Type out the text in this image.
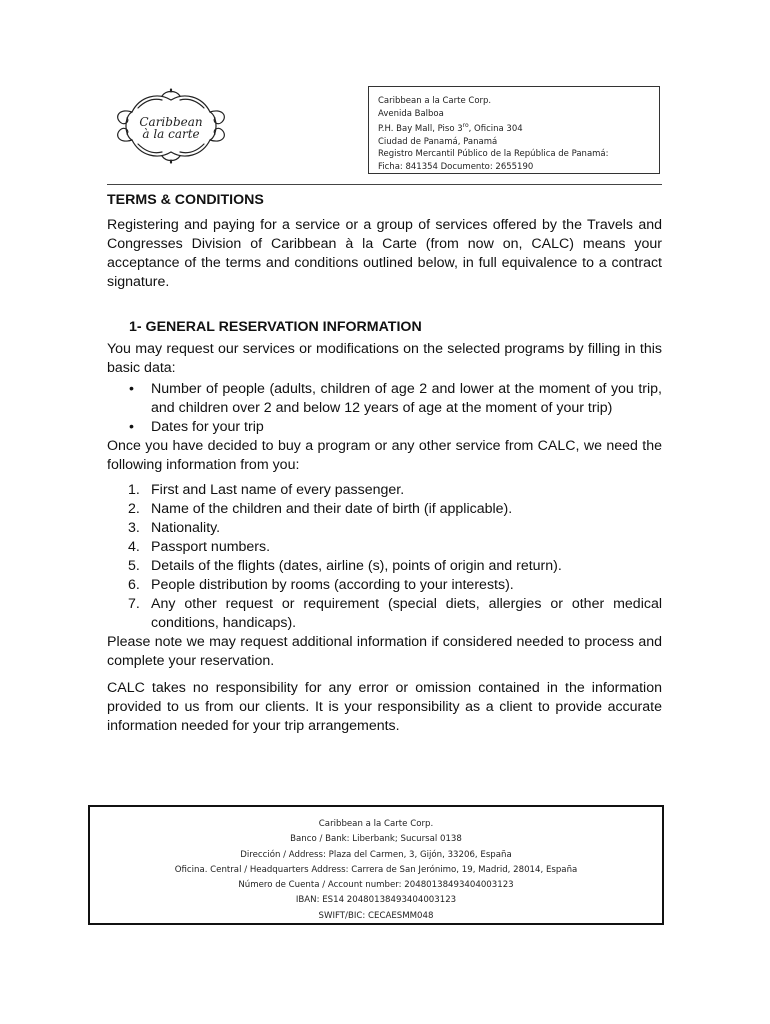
Caribbean
à la carte
Caribbean a la Carte Corp.
Avenida Balboa
P.H. Bay Mall, Piso $3^{ro}$, Oficina 304
Ciudad de Panamá, Panamá
Registro Mercantil Público de la República de Panamá:
Ficha: 841354 Documento: 2655190
TERMS & CONDITIONS

Registering and paying for a service or a group of services offered by the Travels and Congresses Division of Caribbean à la Carte (from now on, CALC) means your acceptance of the terms and conditions outlined below, in full equivalence to a contract signature.

1- GENERAL RESERVATION INFORMATION

You may request our services or modifications on the selected programs by filling in this basic data:

• Number of people (adults, children of age 2 and lower at the moment of you trip, and children over 2 and below 12 years of age at the moment of your trip)
• Dates for your trip

Once you have decided to buy a program or any other service from CALC, we need the following information from you:

1. First and Last name of every passenger.
2. Name of the children and their date of birth (if applicable).
3. Nationality.
4. Passport numbers.
5. Details of the flights (dates, airline (s), points of origin and return).
6. People distribution by rooms (according to your interests).
7. Any other request or requirement (special diets, allergies or other medical conditions, handicaps).

Please note we may request additional information if considered needed to process and complete your reservation.

CALC takes no responsibility for any error or omission contained in the information provided to us from our clients. It is your responsibility as a client to provide accurate information needed for your trip arrangements.

Caribbean a la Carte Corp.
Banco / Bank: Liberbank; Sucursal 0138
Dirección / Address: Plaza del Carmen, 3, Gijón, 33206, España
Oficina. Central / Headquarters Address: Carrera de San Jerónimo, 19, Madrid, 28014, España
Número de Cuenta / Account number: 20480138493404003123
IBAN: ES14 20480138493404003123
SWIFT/BIC: CECAESMM048
